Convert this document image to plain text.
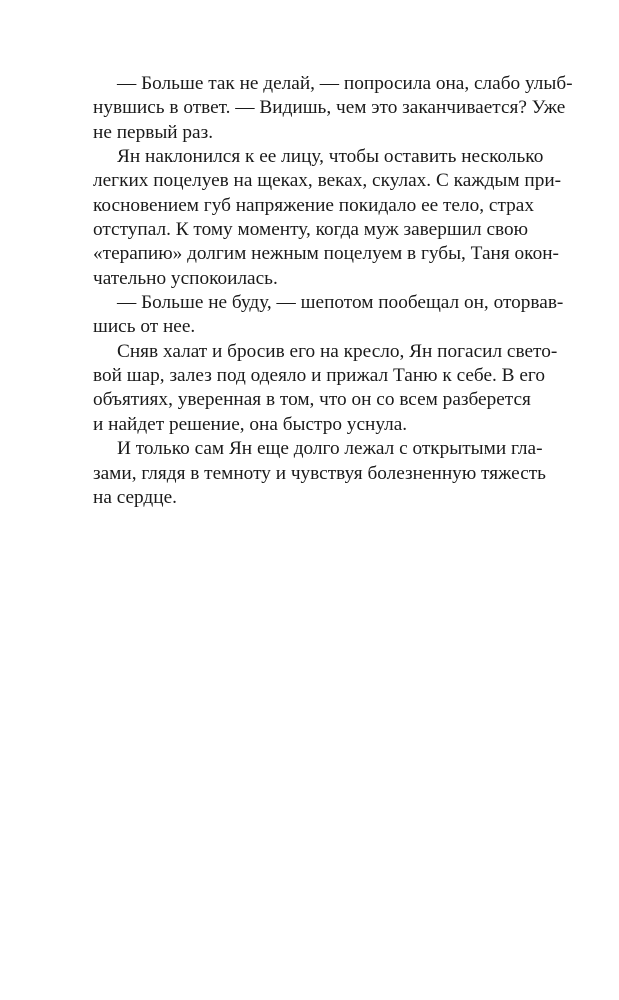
— Больше так не делай, — попросила она, слабо улыб-
нувшись в ответ. — Видишь, чем это заканчивается? Уже
не первый раз.
Ян наклонился к ее лицу, чтобы оставить несколько
легких поцелуев на щеках, веках, скулах. С каждым при-
косновением губ напряжение покидало ее тело, страх
отступал. К тому моменту, когда муж завершил свою
«терапию» долгим нежным поцелуем в губы, Таня окон-
чательно успокоилась.
— Больше не буду, — шепотом пообещал он, оторвав-
шись от нее.
Сняв халат и бросив его на кресло, Ян погасил свето-
вой шар, залез под одеяло и прижал Таню к себе. В его
объятиях, уверенная в том, что он со всем разберется
и найдет решение, она быстро уснула.
И только сам Ян еще долго лежал с открытыми гла-
зами, глядя в темноту и чувствуя болезненную тяжесть
на сердце.
